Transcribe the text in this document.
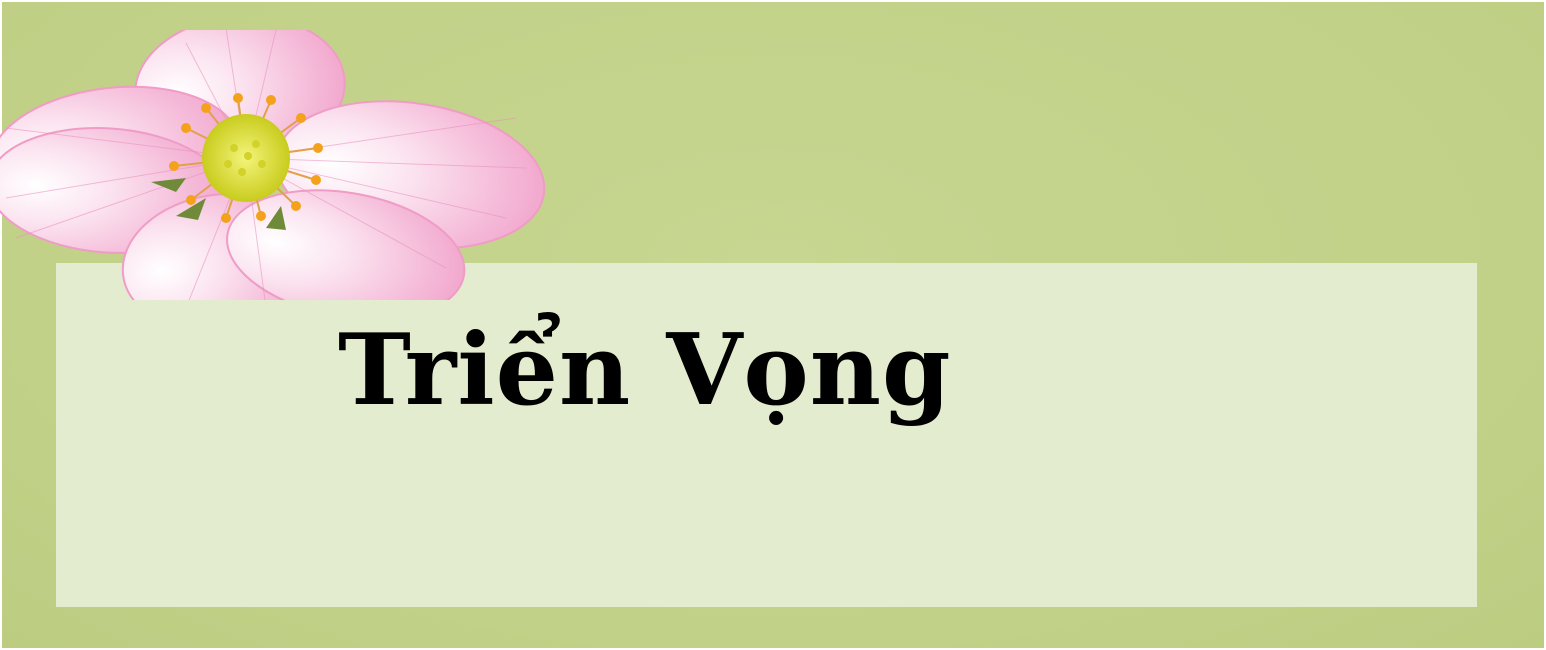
Triển Vọng
